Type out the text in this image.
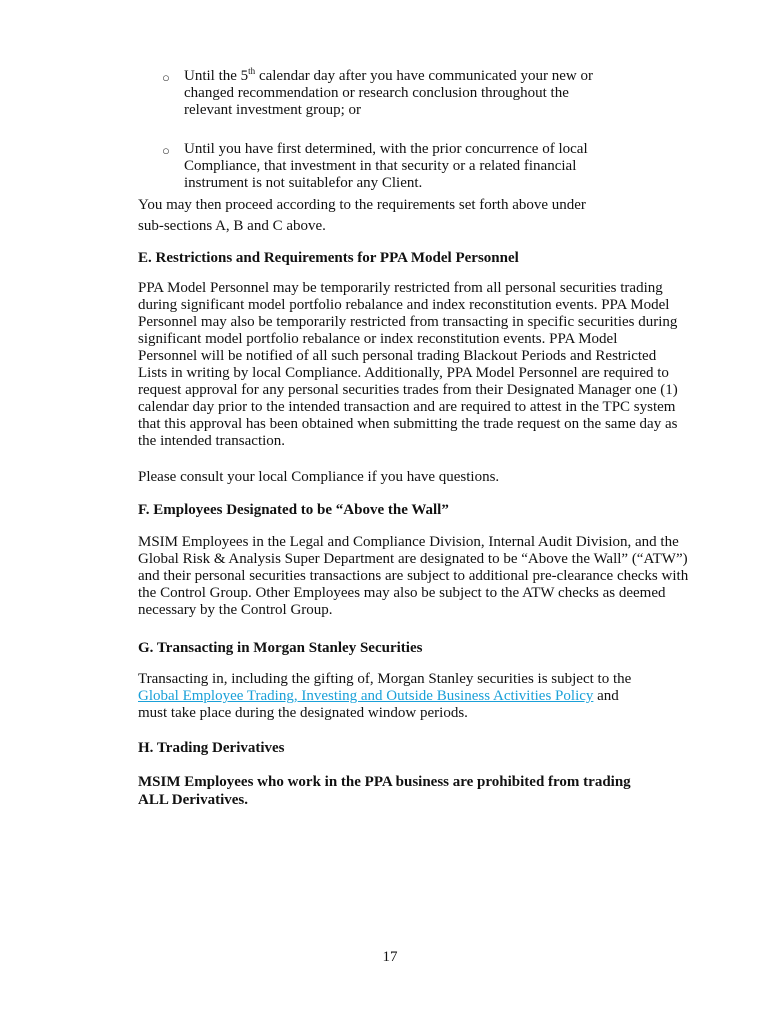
○ Until the 5th calendar day after you have communicated your new or
changed recommendation or research conclusion throughout the
relevant investment group; or
○ Until you have first determined, with the prior concurrence of local
Compliance, that investment in that security or a related financial
instrument is not suitablefor any Client.
You may then proceed according to the requirements set forth above under
sub-sections A, B and C above.
E. Restrictions and Requirements for PPA Model Personnel
PPA Model Personnel may be temporarily restricted from all personal securities trading
during significant model portfolio rebalance and index reconstitution events. PPA Model
Personnel may also be temporarily restricted from transacting in specific securities during
significant model portfolio rebalance or index reconstitution events. PPA Model
Personnel will be notified of all such personal trading Blackout Periods and Restricted
Lists in writing by local Compliance. Additionally, PPA Model Personnel are required to
request approval for any personal securities trades from their Designated Manager one (1)
calendar day prior to the intended transaction and are required to attest in the TPC system
that this approval has been obtained when submitting the trade request on the same day as
the intended transaction.
Please consult your local Compliance if you have questions.
F. Employees Designated to be “Above the Wall”
MSIM Employees in the Legal and Compliance Division, Internal Audit Division, and the
Global Risk & Analysis Super Department are designated to be “Above the Wall” (“ATW”)
and their personal securities transactions are subject to additional pre-clearance checks with
the Control Group. Other Employees may also be subject to the ATW checks as deemed
necessary by the Control Group.
G. Transacting in Morgan Stanley Securities
Transacting in, including the gifting of, Morgan Stanley securities is subject to the
Global Employee Trading, Investing and Outside Business Activities Policy and
must take place during the designated window periods.
H. Trading Derivatives
MSIM Employees who work in the PPA business are prohibited from trading
ALL Derivatives.
17
